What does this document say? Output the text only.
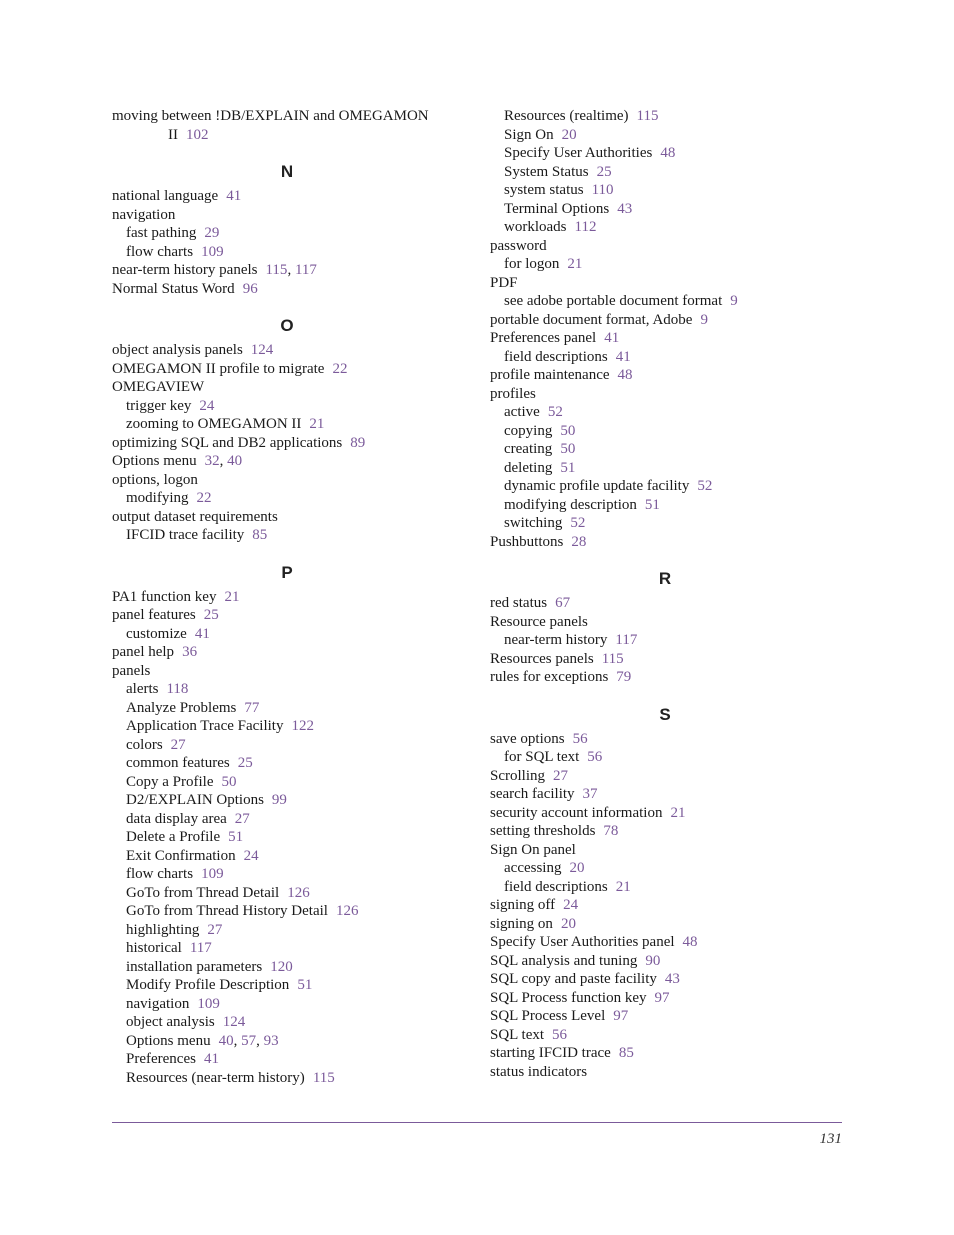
moving between !DB/EXPLAIN and OMEGAMON
II 102
N
national language 41
navigation
fast pathing 29
flow charts 109
near-term history panels 115, 117
Normal Status Word 96
O
object analysis panels 124
OMEGAMON II profile to migrate 22
OMEGAVIEW
trigger key 24
zooming to OMEGAMON II 21
optimizing SQL and DB2 applications 89
Options menu 32, 40
options, logon
modifying 22
output dataset requirements
IFCID trace facility 85
P
PA1 function key 21
panel features 25
customize 41
panel help 36
panels
alerts 118
Analyze Problems 77
Application Trace Facility 122
colors 27
common features 25
Copy a Profile 50
D2/EXPLAIN Options 99
data display area 27
Delete a Profile 51
Exit Confirmation 24
flow charts 109
GoTo from Thread Detail 126
GoTo from Thread History Detail 126
highlighting 27
historical 117
installation parameters 120
Modify Profile Description 51
navigation 109
object analysis 124
Options menu 40, 57, 93
Preferences 41
Resources (near-term history) 115
Resources (realtime) 115
Sign On 20
Specify User Authorities 48
System Status 25
system status 110
Terminal Options 43
workloads 112
password
for logon 21
PDF
see adobe portable document format 9
portable document format, Adobe 9
Preferences panel 41
field descriptions 41
profile maintenance 48
profiles
active 52
copying 50
creating 50
deleting 51
dynamic profile update facility 52
modifying description 51
switching 52
Pushbuttons 28
R
red status 67
Resource panels
near-term history 117
Resources panels 115
rules for exceptions 79
S
save options 56
for SQL text 56
Scrolling 27
search facility 37
security account information 21
setting thresholds 78
Sign On panel
accessing 20
field descriptions 21
signing off 24
signing on 20
Specify User Authorities panel 48
SQL analysis and tuning 90
SQL copy and paste facility 43
SQL Process function key 97
SQL Process Level 97
SQL text 56
starting IFCID trace 85
status indicators
131
